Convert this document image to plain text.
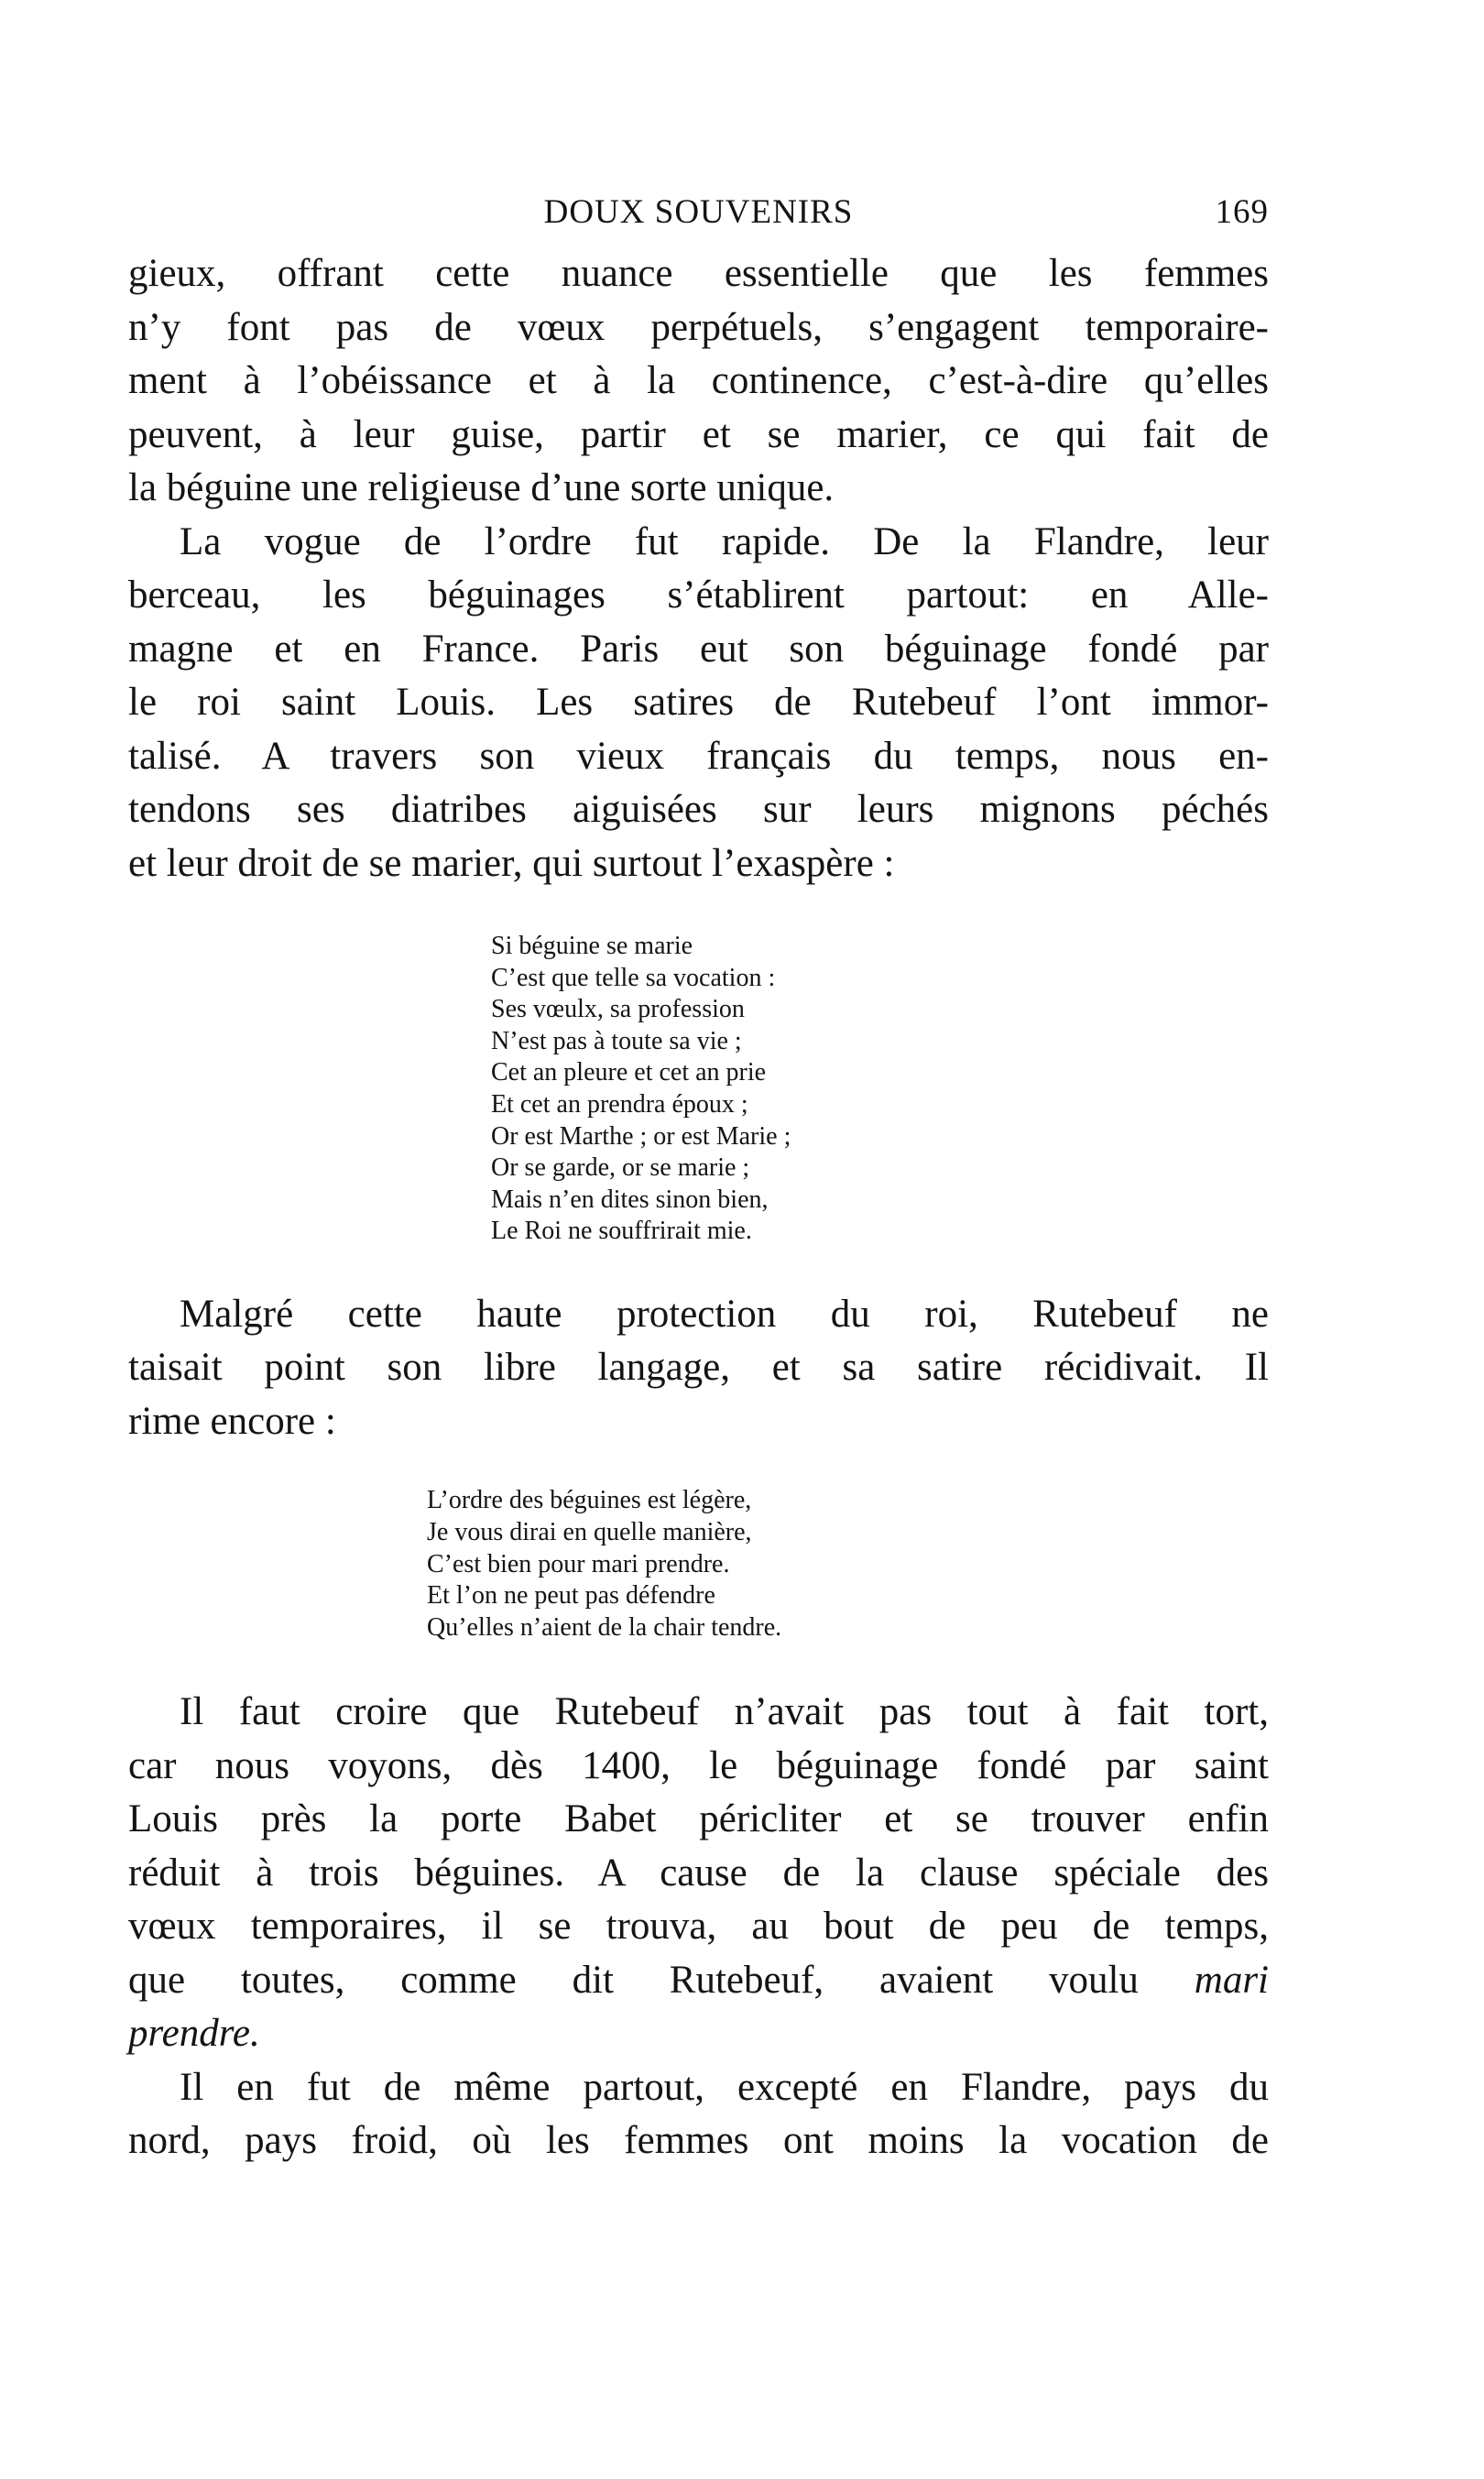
DOUX SOUVENIRS	169

gieux, offrant cette nuance essentielle que les femmes
n’y font pas de vœux perpétuels, s’engagent temporaire-
ment à l’obéissance et à la continence, c’est-à-dire qu’elles
peuvent, à leur guise, partir et se marier, ce qui fait de
la béguine une religieuse d’une sorte unique.

La vogue de l’ordre fut rapide. De la Flandre, leur
berceau, les béguinages s’établirent partout: en Alle-
magne et en France. Paris eut son béguinage fondé par
le roi saint Louis. Les satires de Rutebeuf l’ont immor-
talisé. A travers son vieux français du temps, nous en-
tendons ses diatribes aiguisées sur leurs mignons péchés
et leur droit de se marier, qui surtout l’exaspère :

Si béguine se marie
C’est que telle sa vocation :
Ses vœulx, sa profession
N’est pas à toute sa vie ;
Cet an pleure et cet an prie
Et cet an prendra époux ;
Or est Marthe ; or est Marie ;
Or se garde, or se marie ;
Mais n’en dites sinon bien,
Le Roi ne souffrirait mie.

Malgré cette haute protection du roi, Rutebeuf ne
taisait point son libre langage, et sa satire récidivait. Il
rime encore :

L’ordre des béguines est légère,
Je vous dirai en quelle manière,
C’est bien pour mari prendre.
Et l’on ne peut pas défendre
Qu’elles n’aient de la chair tendre.

Il faut croire que Rutebeuf n’avait pas tout à fait tort,
car nous voyons, dès 1400, le béguinage fondé par saint
Louis près la porte Babet péricliter et se trouver enfin
réduit à trois béguines. A cause de la clause spéciale des
vœux temporaires, il se trouva, au bout de peu de temps,
que toutes, comme dit Rutebeuf, avaient voulu mari
prendre.

Il en fut de même partout, excepté en Flandre, pays du
nord, pays froid, où les femmes ont moins la vocation de
